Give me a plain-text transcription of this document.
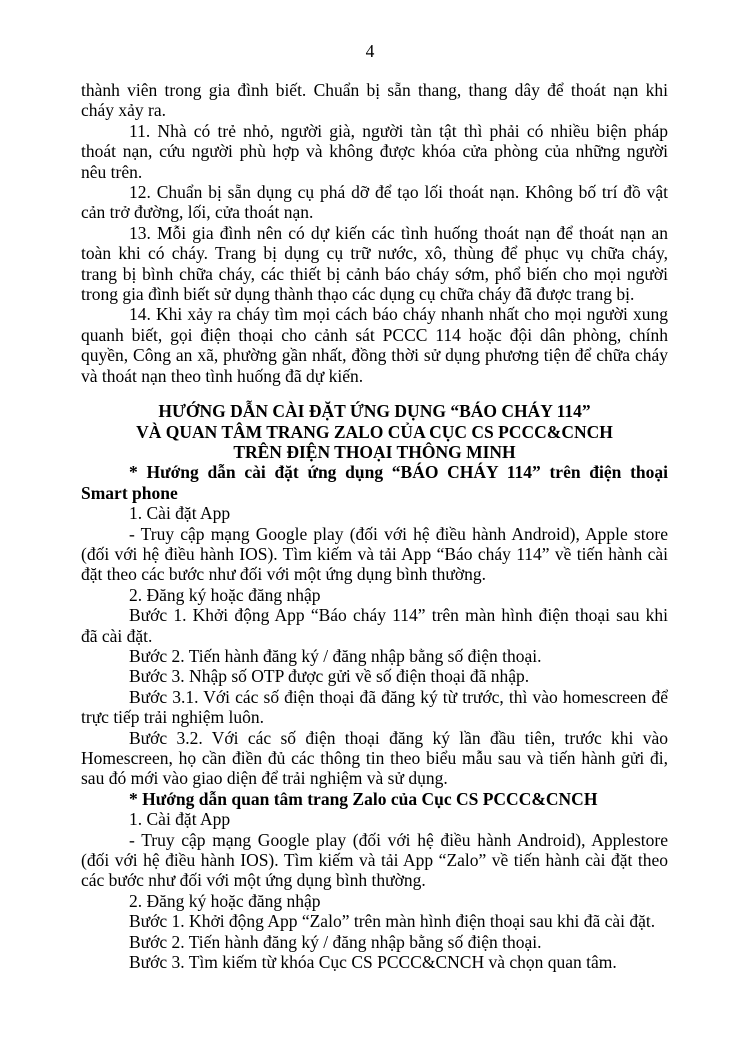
4
thành viên trong gia đình biết. Chuẩn bị sẵn thang, thang dây để thoát nạn khi
cháy xảy ra.
11. Nhà có trẻ nhỏ, người già, người tàn tật thì phải có nhiều biện pháp
thoát nạn, cứu người phù hợp và không được khóa cửa phòng của những người
nêu trên.
12. Chuẩn bị sẵn dụng cụ phá dỡ để tạo lối thoát nạn. Không bố trí đồ vật
cản trở đường, lối, cửa thoát nạn.
13. Mỗi gia đình nên có dự kiến các tình huống thoát nạn để thoát nạn an
toàn khi có cháy. Trang bị dụng cụ trữ nước, xô, thùng để phục vụ chữa cháy,
trang bị bình chữa cháy, các thiết bị cảnh báo cháy sớm, phổ biến cho mọi người
trong gia đình biết sử dụng thành thạo các dụng cụ chữa cháy đã được trang bị.
14. Khi xảy ra cháy tìm mọi cách báo cháy nhanh nhất cho mọi người xung
quanh biết, gọi điện thoại cho cảnh sát PCCC 114 hoặc đội dân phòng, chính
quyền, Công an xã, phường gần nhất, đồng thời sử dụng phương tiện để chữa cháy
và thoát nạn theo tình huống đã dự kiến.
HƯỚNG DẪN CÀI ĐẶT ỨNG DỤNG “BÁO CHÁY 114”
VÀ QUAN TÂM TRANG ZALO CỦA CỤC CS PCCC&CNCH
TRÊN ĐIỆN THOẠI THÔNG MINH
* Hướng dẫn cài đặt ứng dụng “BÁO CHÁY 114” trên điện thoại
Smart phone
1. Cài đặt App
- Truy cập mạng Google play (đối với hệ điều hành Android), Apple store
(đối với hệ điều hành IOS). Tìm kiếm và tải App “Báo cháy 114” về tiến hành cài
đặt theo các bước như đối với một ứng dụng bình thường.
2. Đăng ký hoặc đăng nhập
Bước 1. Khởi động App “Báo cháy 114” trên màn hình điện thoại sau khi
đã cài đặt.
Bước 2. Tiến hành đăng ký / đăng nhập bằng số điện thoại.
Bước 3. Nhập số OTP được gửi về số điện thoại đã nhập.
Bước 3.1. Với các số điện thoại đã đăng ký từ trước, thì vào homescreen để
trực tiếp trải nghiệm luôn.
Bước 3.2. Với các số điện thoại đăng ký lần đầu tiên, trước khi vào
Homescreen, họ cần điền đủ các thông tin theo biểu mẫu sau và tiến hành gửi đi,
sau đó mới vào giao diện để trải nghiệm và sử dụng.
* Hướng dẫn quan tâm trang Zalo của Cục CS PCCC&CNCH
1. Cài đặt App
- Truy cập mạng Google play (đối với hệ điều hành Android), Applestore
(đối với hệ điều hành IOS). Tìm kiếm và tải App “Zalo” về tiến hành cài đặt theo
các bước như đối với một ứng dụng bình thường.
2. Đăng ký hoặc đăng nhập
Bước 1. Khởi động App “Zalo” trên màn hình điện thoại sau khi đã cài đặt.
Bước 2. Tiến hành đăng ký / đăng nhập bằng số điện thoại.
Bước 3. Tìm kiếm từ khóa Cục CS PCCC&CNCH và chọn quan tâm.
